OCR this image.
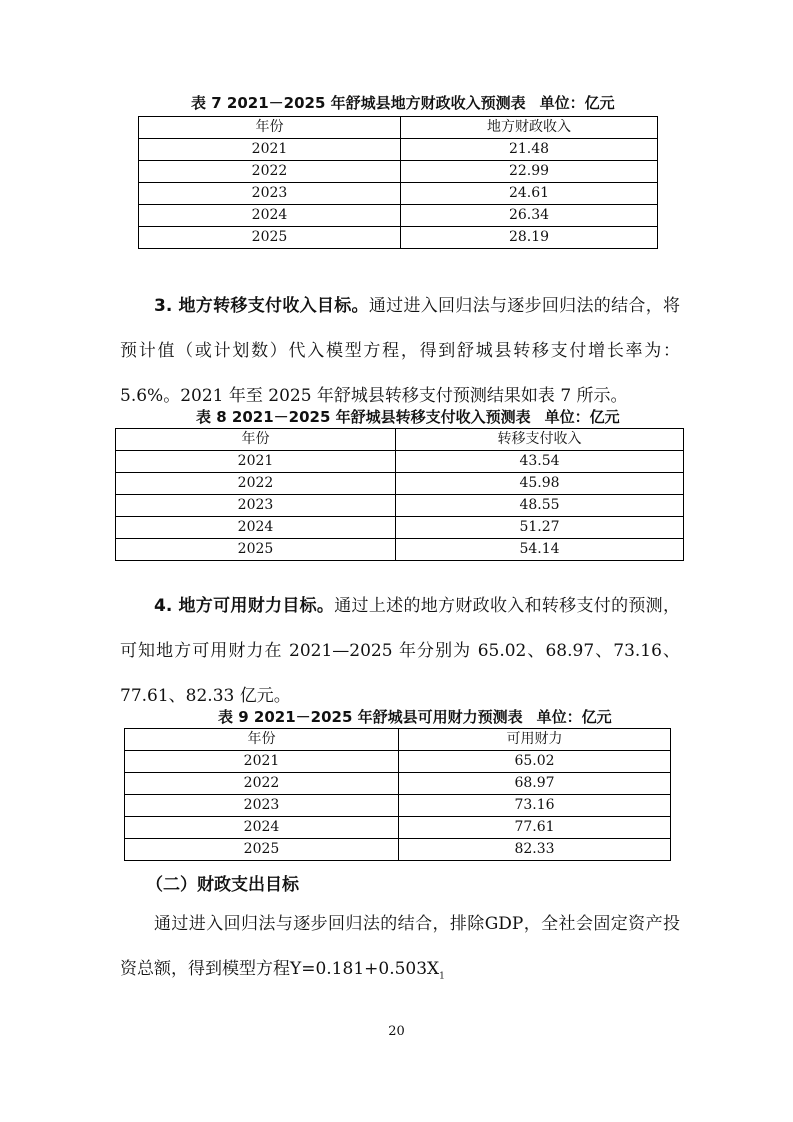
表 7 2021－2025 年舒城县地方财政收入预测表 单位：亿元
年份	地方财政收入
2021	21.48
2022	22.99
2023	24.61
2024	26.34
2025	28.19

3. 地方转移支付收入目标。通过进入回归法与逐步回归法的结合，将预计值（或计划数）代入模型方程，得到舒城县转移支付增长率为：5.6%。2021 年至 2025 年舒城县转移支付预测结果如表 7 所示。

表 8 2021－2025 年舒城县转移支付收入预测表 单位：亿元
年份	转移支付收入
2021	43.54
2022	45.98
2023	48.55
2024	51.27
2025	54.14

4. 地方可用财力目标。通过上述的地方财政收入和转移支付的预测，可知地方可用财力在 2021—2025 年分别为 65.02、68.97、73.16、77.61、82.33 亿元。

表 9 2021－2025 年舒城县可用财力预测表 单位：亿元
年份	可用财力
2021	65.02
2022	68.97
2023	73.16
2024	77.61
2025	82.33
（二）财政支出目标

通过进入回归法与逐步回归法的结合，排除GDP，全社会固定资产投资总额，得到模型方程$Y=0.181+0.503X_1$

20
